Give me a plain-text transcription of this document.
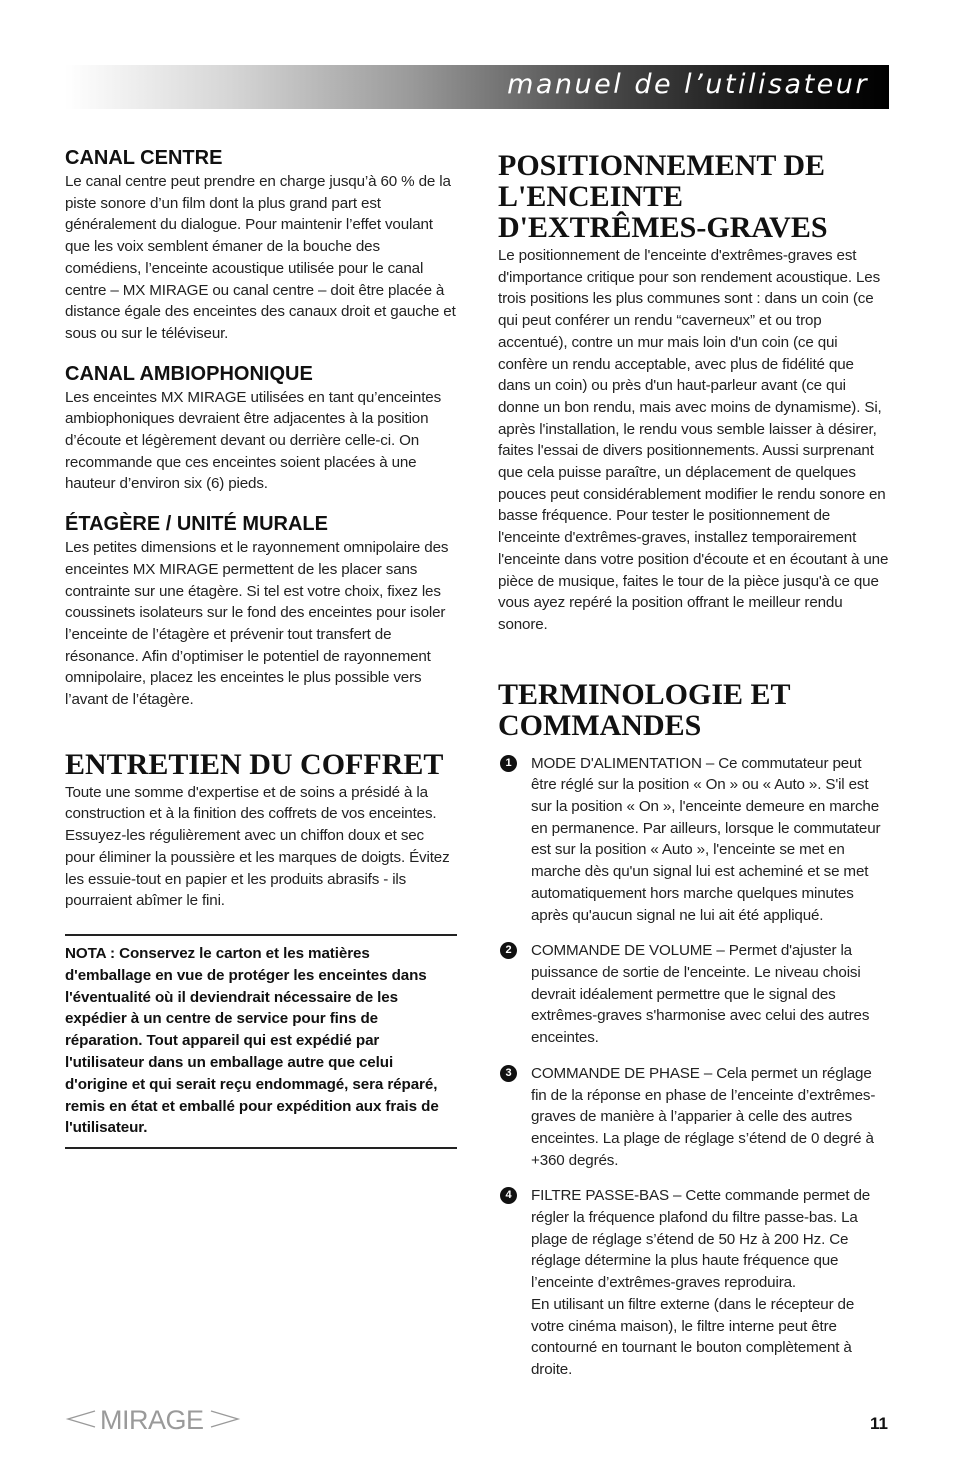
manuel de l’utilisateur
CANAL CENTRE

Le canal centre peut prendre en charge jusqu’à 60 % de la piste sonore d’un film dont la plus grand part est généralement du dialogue. Pour maintenir l’effet voulant que les voix semblent émaner de la bouche des comédiens, l’enceinte acoustique utilisée pour le canal centre – MX MIRAGE ou canal centre – doit être placée à distance égale des enceintes des canaux droit et gauche et sous ou sur le téléviseur.

CANAL AMBIOPHONIQUE

Les enceintes MX MIRAGE utilisées en tant qu’enceintes ambiophoniques devraient être adjacentes à la position d’écoute et légèrement devant ou derrière celle-ci. On recommande que ces enceintes soient placées à une hauteur d’environ six (6) pieds.

ÉTAGÈRE / UNITÉ MURALE

Les petites dimensions et le rayonnement omnipolaire des enceintes MX MIRAGE permettent de les placer sans contrainte sur une étagère. Si tel est votre choix, fixez les coussinets isolateurs sur le fond des enceintes pour isoler l’enceinte de l’étagère et prévenir tout transfert de résonance. Afin d’optimiser le potentiel de rayonnement omnipolaire, placez les enceintes le plus possible vers l’avant de l’étagère.

ENTRETIEN DU COFFRET

Toute une somme d'expertise et de soins a présidé à la construction et à la finition des coffrets de vos enceintes. Essuyez-les régulièrement avec un chiffon doux et sec pour éliminer la poussière et les marques de doigts. Évitez les essuie-tout en papier et les produits abrasifs - ils pourraient abîmer le fini.

NOTA : Conservez le carton et les matières d'emballage en vue de protéger les enceintes dans l'éventualité où il deviendrait nécessaire de les expédier à un centre de service pour fins de réparation. Tout appareil qui est expédié par l'utilisateur dans un emballage autre que celui d'origine et qui serait reçu endommagé, sera réparé, remis en état et emballé pour expédition aux frais de l'utilisateur.

POSITIONNEMENT DE L'ENCEINTE D'EXTRÊMES-GRAVES

Le positionnement de l'enceinte d'extrêmes-graves est d'importance critique pour son rendement acoustique. Les trois positions les plus communes sont : dans un coin (ce qui peut conférer un rendu “caverneux” et ou trop accentué), contre un mur mais loin d'un coin (ce qui confère un rendu acceptable, avec plus de fidélité que dans un coin) ou près d'un haut-parleur avant (ce qui donne un bon rendu, mais avec moins de dynamisme). Si, après l'installation, le rendu vous semble laisser à désirer, faites l'essai de divers positionnements. Aussi surprenant que cela puisse paraître, un déplacement de quelques pouces peut considérablement modifier le rendu sonore en basse fréquence. Pour tester le positionnement de l'enceinte d'extrêmes-graves, installez temporairement l'enceinte dans votre position d'écoute et en écoutant à une pièce de musique, faites le tour de la pièce jusqu'à ce que vous ayez repéré la position offrant le meilleur rendu sonore.

TERMINOLOGIE ET COMMANDES
1	MODE D'ALIMENTATION – Ce commutateur peut être réglé sur la position « On » ou « Auto ». S'il est sur la position « On », l'enceinte demeure en marche en permanence. Par ailleurs, lorsque le commutateur est sur la position « Auto », l'enceinte se met en marche dès qu'un signal lui est acheminé et se met automatiquement hors marche quelques minutes après qu'aucun signal ne lui ait été appliqué.

2	COMMANDE DE VOLUME – Permet d'ajuster la puissance de sortie de l'enceinte. Le niveau choisi devrait idéalement permettre que le signal des extrêmes-graves s'harmonise avec celui des autres enceintes.

3	COMMANDE DE PHASE – Cela permet un réglage fin de la réponse en phase de l’enceinte d’extrêmes-graves de manière à l’apparier à celle des autres enceintes. La plage de réglage s’étend de 0 degré à +360 degrés.

4	FILTRE PASSE-BAS – Cette commande permet de régler la fréquence plafond du filtre passe-bas. La plage de réglage s’étend de 50 Hz à 200 Hz. Ce réglage détermine la plus haute fréquence que l’enceinte d’extrêmes-graves reproduira.

En utilisant un filtre externe (dans le récepteur de votre cinéma maison), le filtre interne peut être contourné en tournant le bouton complètement à droite.

MIRAGE	11
